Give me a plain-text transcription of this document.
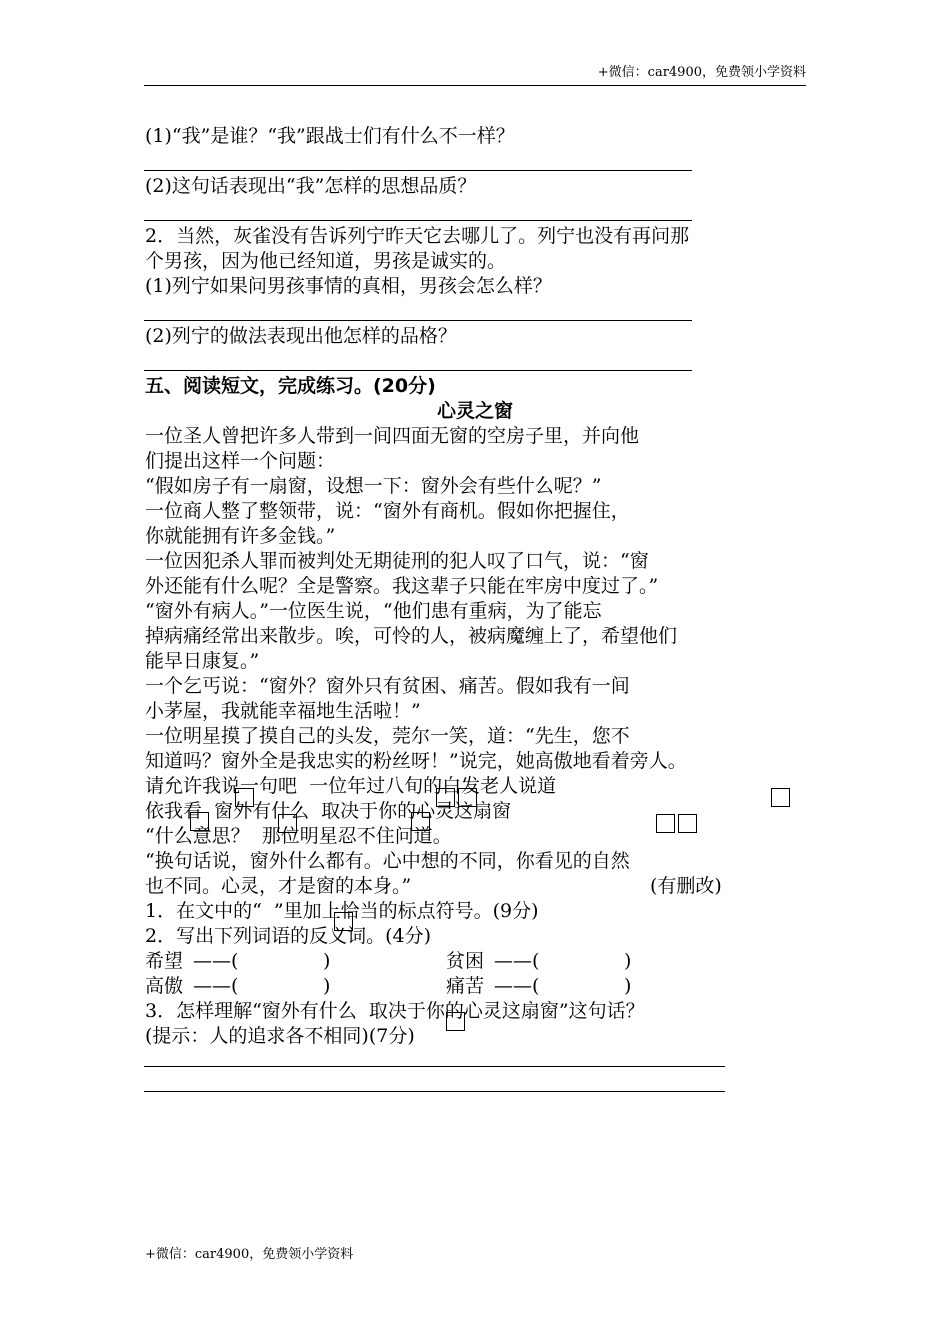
+微信：car4900，免费领小学资料
(1)“我”是谁？“我”跟战士们有什么不一样？
(2)这句话表现出“我”怎样的思想品质？
2．当然，灰雀没有告诉列宁昨天它去哪儿了。列宁也没有再问那
个男孩，因为他已经知道，男孩是诚实的。
(1)列宁如果问男孩事情的真相，男孩会怎么样？
(2)列宁的做法表现出他怎样的品格？
五、阅读短文，完成练习。(20分)
心灵之窗
一位圣人曾把许多人带到一间四面无窗的空房子里，并向他
们提出这样一个问题：
“假如房子有一扇窗，设想一下：窗外会有些什么呢？”
一位商人整了整领带，说：“窗外有商机。假如你把握住，
你就能拥有许多金钱。”
一位因犯杀人罪而被判处无期徒刑的犯人叹了口气，说：“窗
外还能有什么呢？全是警察。我这辈子只能在牢房中度过了。”
“窗外有病人。”一位医生说，“他们患有重病，为了能忘
掉病痛经常出来散步。唉，可怜的人，被病魔缠上了，希望他们
能早日康复。”
一个乞丐说：“窗外？窗外只有贫困、痛苦。假如我有一间
小茅屋，我就能幸福地生活啦！”
一位明星摸了摸自己的头发，莞尔一笑，道：“先生，您不
知道吗？窗外全是我忠实的粉丝呀！”说完，她高傲地看着旁人。
请允许我说一句吧  一位年过八旬的白发老人说道
依我看  窗外有什么  取决于你的心灵这扇窗
“什么意思？  那位明星忍不住问道。
“换句话说，窗外什么都有。心中想的不同，你看见的自然
也不同。心灵，才是窗的本身。”	(有删改)
1．在文中的“  ”里加上恰当的标点符号。(9分)
2．写出下列词语的反义词。(4分)
希望 ——(              )	贫困 ——(              )
高傲 ——(              )	痛苦 ——(              )
3．怎样理解“窗外有什么  取决于你的心灵这扇窗”这句话？
(提示：人的追求各不相同)(7分)
+微信：car4900，免费领小学资料
